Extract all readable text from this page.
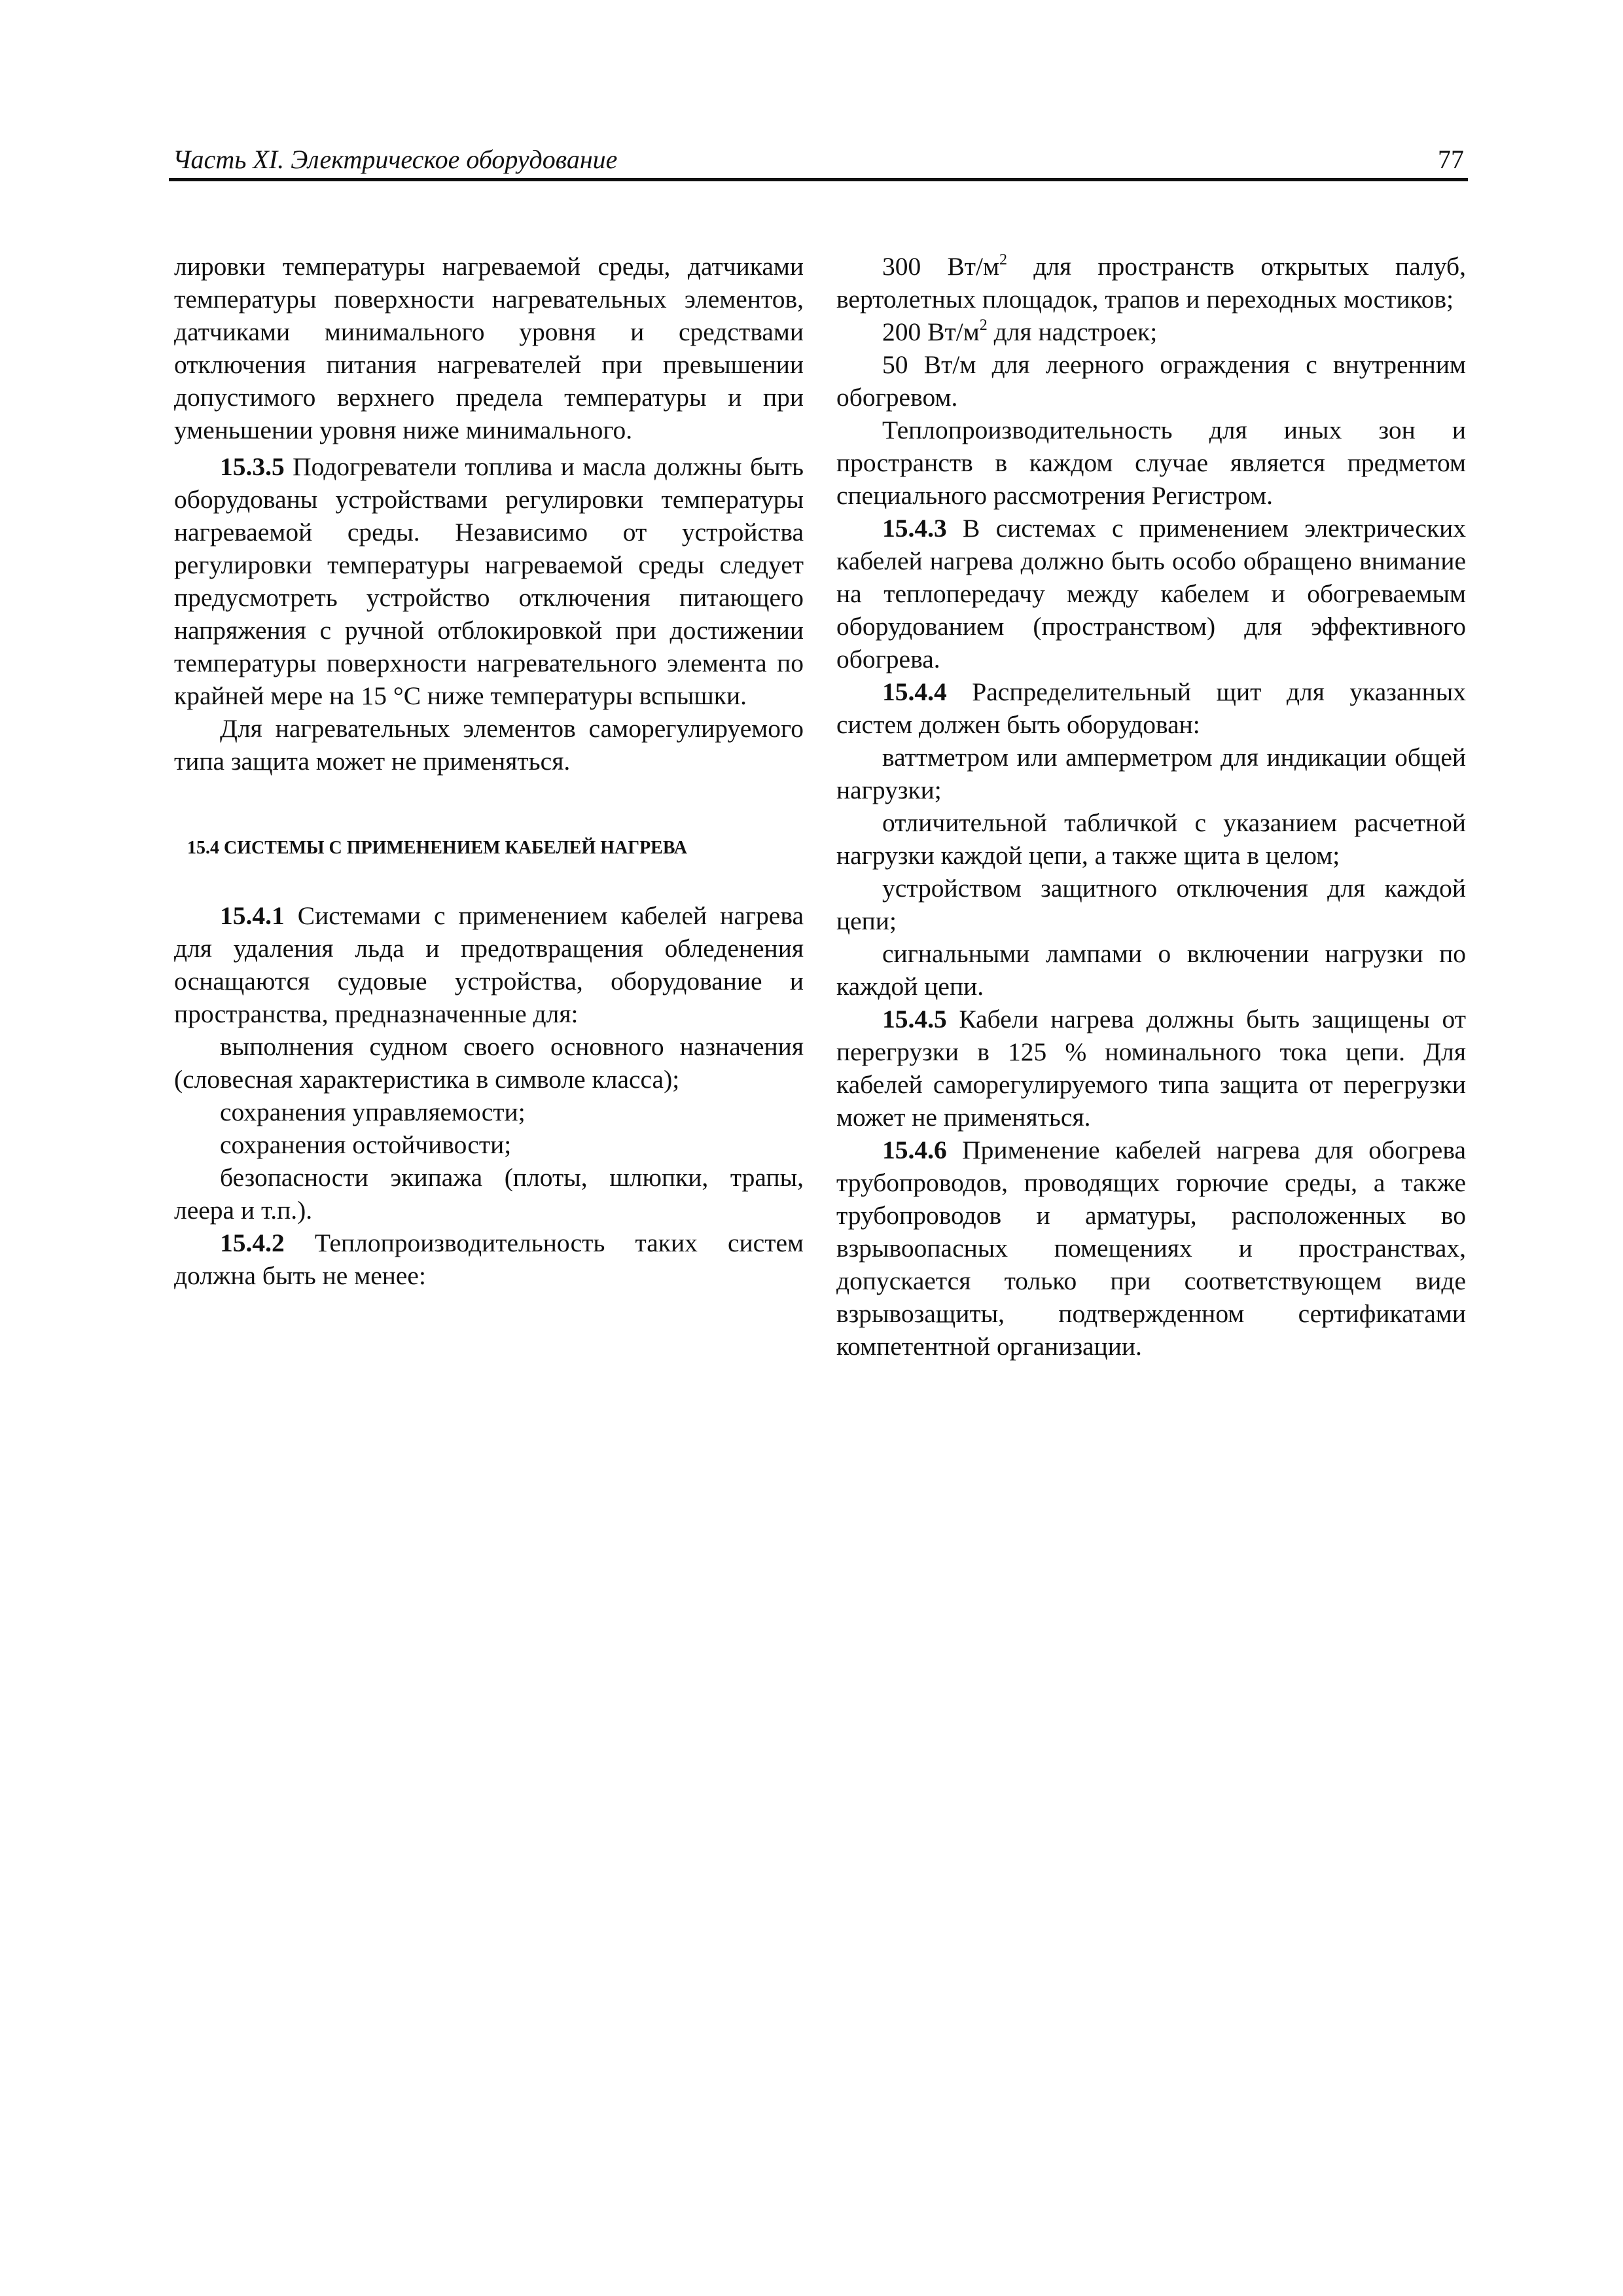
Часть XI. Электрическое оборудование	77

лировки температуры нагреваемой среды, датчиками температуры поверхности нагревательных элементов, датчиками минимального уровня и средствами отключения питания нагревателей при превышении допустимого верхнего предела температуры и при уменьшении уровня ниже минимального.

15.3.5 Подогреватели топлива и масла должны быть оборудованы устройствами регулировки температуры нагреваемой среды. Независимо от устройства регулировки температуры нагреваемой среды следует предусмотреть устройство отключения питающего напряжения с ручной отблокировкой при достижении температуры поверхности нагревательного элемента по крайней мере на 15 °С ниже температуры вспышки.

Для нагревательных элементов саморегулируемого типа защита может не применяться.

15.4 СИСТЕМЫ С ПРИМЕНЕНИЕМ КАБЕЛЕЙ НАГРЕВА

15.4.1 Системами с применением кабелей нагрева для удаления льда и предотвращения обледенения оснащаются судовые устройства, оборудование и пространства, предназначенные для:

выполнения судном своего основного назначения (словесная характеристика в символе класса);

сохранения управляемости;

сохранения остойчивости;

безопасности экипажа (плоты, шлюпки, трапы, леера и т.п.).

15.4.2 Теплопроизводительность таких систем должна быть не менее:

300 $Вт/м^2$ для пространств открытых палуб, вертолетных площадок, трапов и переходных мостиков;

200 $Вт/м^2$ для надстроек;

50 Вт/м для леерного ограждения с внутренним обогревом.

Теплопроизводительность для иных зон и пространств в каждом случае является предметом специального рассмотрения Регистром.

15.4.3 В системах с применением электрических кабелей нагрева должно быть особо обращено внимание на теплопередачу между кабелем и обогреваемым оборудованием (пространством) для эффективного обогрева.

15.4.4 Распределительный щит для указанных систем должен быть оборудован:

ваттметром или амперметром для индикации общей нагрузки;

отличительной табличкой с указанием расчетной нагрузки каждой цепи, а также щита в целом;

устройством защитного отключения для каждой цепи;

сигнальными лампами о включении нагрузки по каждой цепи.

15.4.5 Кабели нагрева должны быть защищены от перегрузки в 125 % номинального тока цепи. Для кабелей саморегулируемого типа защита от перегрузки может не применяться.

15.4.6 Применение кабелей нагрева для обогрева трубопроводов, проводящих горючие среды, а также трубопроводов и арматуры, расположенных во взрывоопасных помещениях и пространствах, допускается только при соответствующем виде взрывозащиты, подтвержденном сертификатами компетентной организации.
